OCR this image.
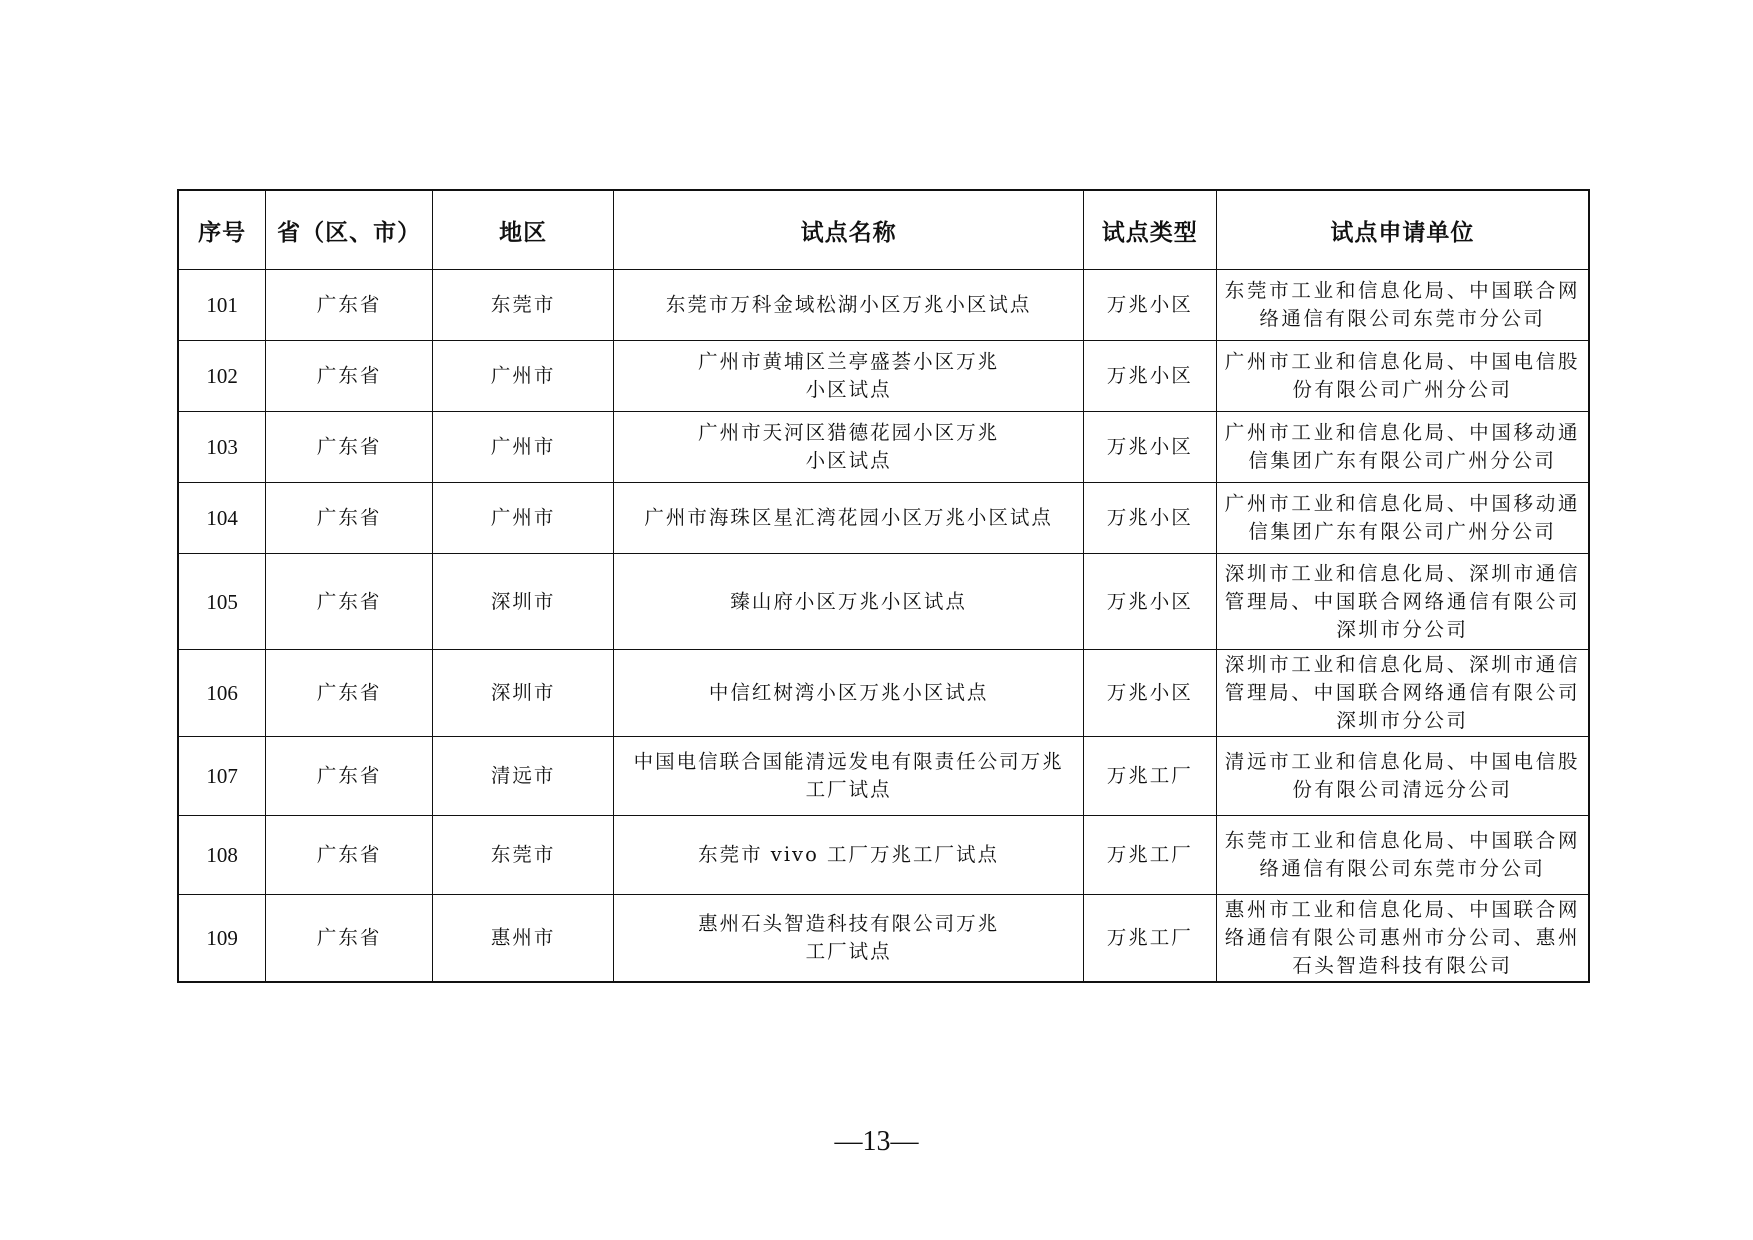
序号	省（区、市）	地区	试点名称	试点类型	试点申请单位
101	广东省	东莞市	东莞市万科金域松湖小区万兆小区试点	万兆小区	东莞市工业和信息化局、中国联合网络通信有限公司东莞市分公司

102	广东省	广州市	广州市黄埔区兰亭盛荟小区万兆
小区试点	万兆小区	广州市工业和信息化局、中国电信股份有限公司广州分公司

103	广东省	广州市	广州市天河区猎德花园小区万兆
小区试点	万兆小区	广州市工业和信息化局、中国移动通信集团广东有限公司广州分公司

104	广东省	广州市	广州市海珠区星汇湾花园小区万兆小区试点	万兆小区	广州市工业和信息化局、中国移动通信集团广东有限公司广州分公司

105	广东省	深圳市	臻山府小区万兆小区试点	万兆小区	深圳市工业和信息化局、深圳市通信管理局、中国联合网络通信有限公司深圳市分公司

106	广东省	深圳市	中信红树湾小区万兆小区试点	万兆小区	深圳市工业和信息化局、深圳市通信管理局、中国联合网络通信有限公司深圳市分公司

107	广东省	清远市	中国电信联合国能清远发电有限责任公司万兆
工厂试点	万兆工厂	清远市工业和信息化局、中国电信股份有限公司清远分公司

108	广东省	东莞市	东莞市 vivo 工厂万兆工厂试点	万兆工厂	东莞市工业和信息化局、中国联合网络通信有限公司东莞市分公司

109	广东省	惠州市	惠州石头智造科技有限公司万兆
工厂试点	万兆工厂	惠州市工业和信息化局、中国联合网络通信有限公司惠州市分公司、惠州石头智造科技有限公司
—13—
